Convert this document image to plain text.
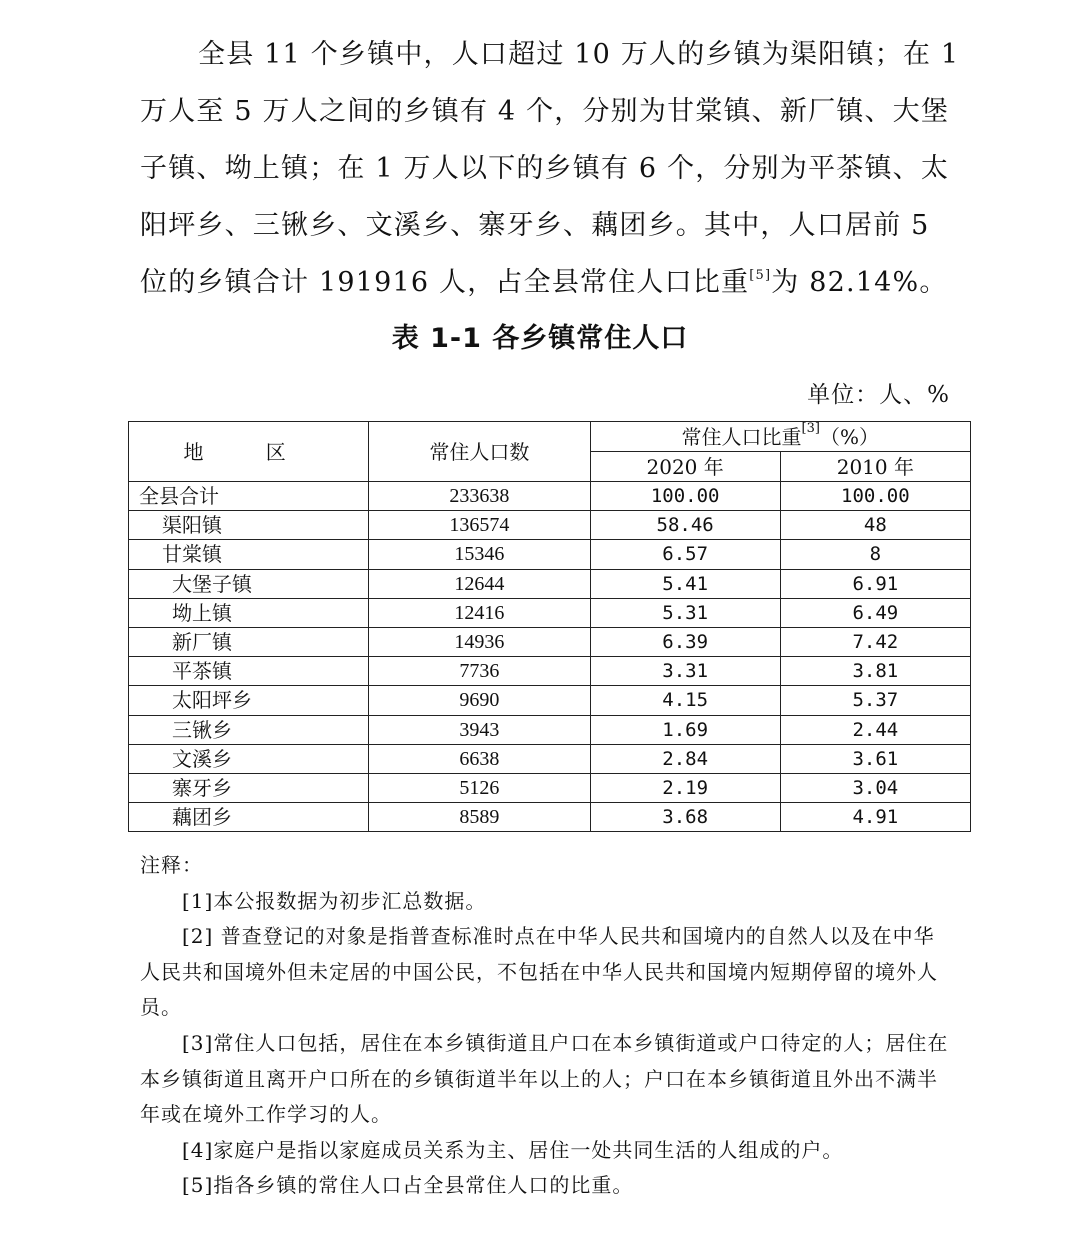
全县 11 个乡镇中，人口超过 10 万人的乡镇为渠阳镇；在 1
万人至 5 万人之间的乡镇有 4 个，分别为甘棠镇、新厂镇、大堡
子镇、坳上镇；在 1 万人以下的乡镇有 6 个，分别为平茶镇、太
阳坪乡、三锹乡、文溪乡、寨牙乡、藕团乡。其中，人口居前 5
位的乡镇合计 191916 人，占全县常住人口比重[5]为 82.14%。

表 1-1 各乡镇常住人口
单位：人、%
地 区	常住人口数	常住人口比重[3]（%）	
		2020 年	2010 年
全县合计	233638	100.00	100.00
渠阳镇	136574	58.46	48
甘棠镇	15346	6.57	8
大堡子镇	12644	5.41	6.91
坳上镇	12416	5.31	6.49
新厂镇	14936	6.39	7.42
平茶镇	7736	3.31	3.81
太阳坪乡	9690	4.15	5.37
三锹乡	3943	1.69	2.44
文溪乡	6638	2.84	3.61
寨牙乡	5126	2.19	3.04
藕团乡	8589	3.68	4.91
注释：
[1]本公报数据为初步汇总数据。
[2] 普查登记的对象是指普查标准时点在中华人民共和国境内的自然人以及在中华
人民共和国境外但未定居的中国公民，不包括在中华人民共和国境内短期停留的境外人
员。
[3]常住人口包括，居住在本乡镇街道且户口在本乡镇街道或户口待定的人；居住在
本乡镇街道且离开户口所在的乡镇街道半年以上的人；户口在本乡镇街道且外出不满半
年或在境外工作学习的人。
[4]家庭户是指以家庭成员关系为主、居住一处共同生活的人组成的户。
[5]指各乡镇的常住人口占全县常住人口的比重。
